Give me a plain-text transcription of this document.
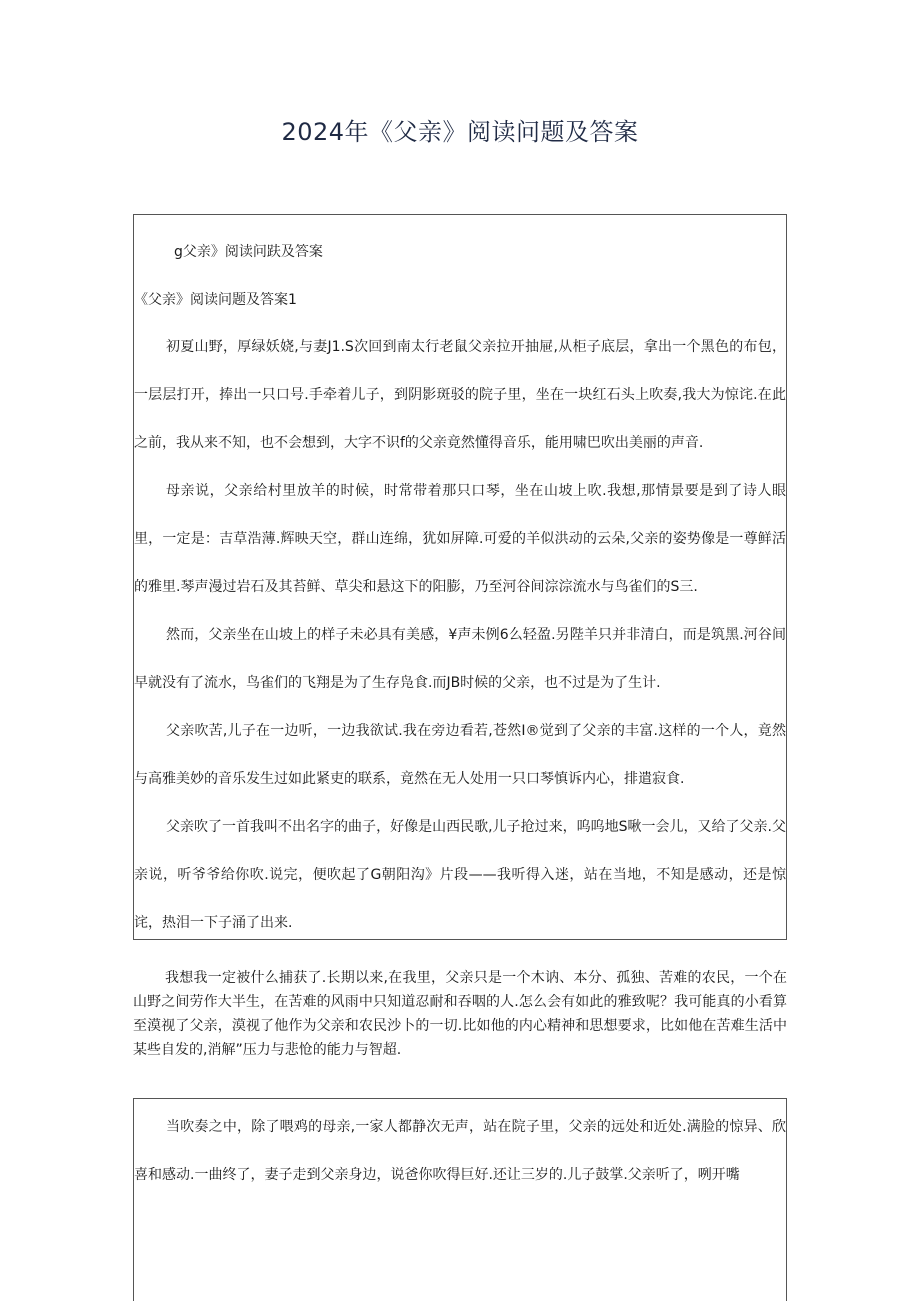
2024年《父亲》阅读问题及答案
g父亲》阅读问趺及答案
《父亲》阅读问题及答案1

初夏山野，厚绿妖娆,与妻J1.S次回到南太行老鼠父亲拉开抽屉,从柜子底层，拿出一个黑色的布包，一层层打开，捧出一只口号.手牵着儿子，到阴影斑驳的院子里，坐在一块红石头上吹奏,我大为惊诧.在此之前，我从来不知，也不会想到，大字不识f的父亲竟然懂得音乐，能用啸巴吹出美丽的声音.

母亲说，父亲给村里放羊的时候，时常带着那只口琴，坐在山坡上吹.我想,那情景要是到了诗人眼里，一定是：吉草浩薄.辉映天空，群山连绵，犹如屏障.可爱的羊似洪动的云朵,父亲的姿势像是一尊鲜活的雅里.琴声漫过岩石及其苔鲜、草尖和悬这下的阳膨，乃至河谷间淙淙流水与鸟雀们的S三.

然而，父亲坐在山坡上的样子未必具有美感，¥声未例6么轻盈.另陛羊只并非清白，而是筑黑.河谷间早就没有了流水，鸟雀们的飞翔是为了生存凫食.而JB时候的父亲，也不过是为了生计.

父亲吹苦,儿子在一边听，一边我欲试.我在旁边看若,苍然I®觉到了父亲的丰富.这样的一个人，竟然与高雅美妙的音乐发生过如此紧吏的联系，竟然在无人处用一只口琴慎诉内心，排遣寂食.

父亲吹了一首我叫不出名字的曲子，好像是山西民歌,儿子抢过来，呜呜地S啾一会儿，又给了父亲.父亲说，听爷爷给你吹.说完，便吹起了G朝阳沟》片段——我听得入迷，站在当地，不知是感动，还是惊诧，热泪一下子涌了出来.

我想我一定被什么捕获了.长期以来,在我里，父亲只是一个木讷、本分、孤独、苦难的农民，一个在山野之间劳作大半生，在苦难的风雨中只知道忍耐和吞咽的人.怎么会有如此的雅致呢？我可能真的小看算至漠视了父亲，漠视了他作为父亲和农民沙卜的一切.比如他的内心精神和思想要求，比如他在苦难生活中某些自发的,消解”压力与悲怆的能力与智超.

当吹奏之中，除了喂鸡的母亲,一家人都静次无声，站在院子里，父亲的远处和近处.满脸的惊异、欣喜和感动.一曲终了，妻子走到父亲身边，说爸你吹得巨好.还让三岁的.儿子鼓掌.父亲听了，咧开嘴
